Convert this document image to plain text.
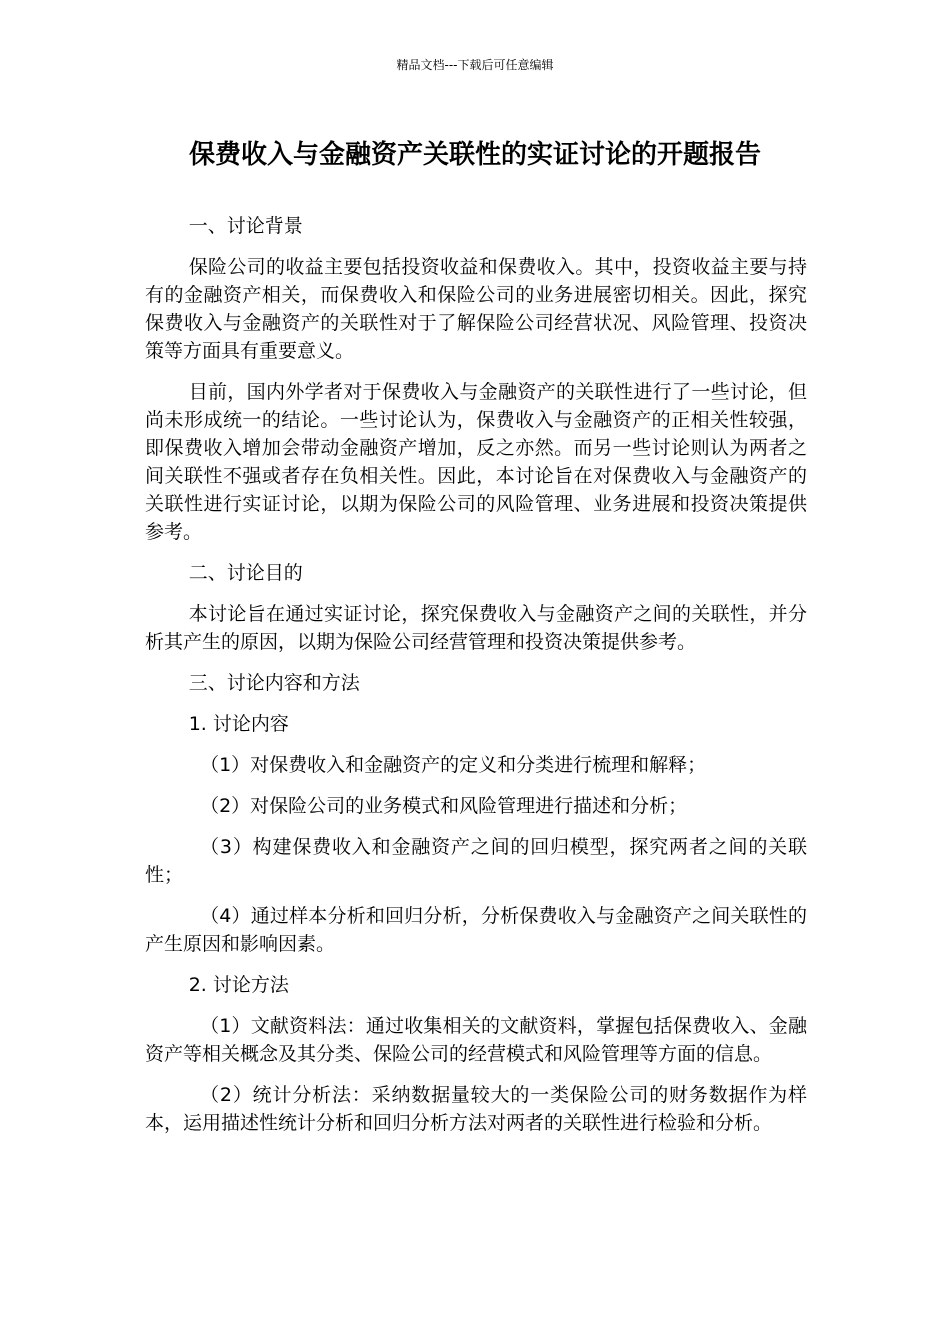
精品文档---下载后可任意编辑
保费收入与金融资产关联性的实证讨论的开题报告

一、讨论背景

保险公司的收益主要包括投资收益和保费收入。其中，投资收益主要与持有的金融资产相关，而保费收入和保险公司的业务进展密切相关。因此，探究保费收入与金融资产的关联性对于了解保险公司经营状况、风险管理、投资决策等方面具有重要意义。

目前，国内外学者对于保费收入与金融资产的关联性进行了一些讨论，但尚未形成统一的结论。一些讨论认为，保费收入与金融资产的正相关性较强，即保费收入增加会带动金融资产增加，反之亦然。而另一些讨论则认为两者之间关联性不强或者存在负相关性。因此，本讨论旨在对保费收入与金融资产的关联性进行实证讨论，以期为保险公司的风险管理、业务进展和投资决策提供参考。

二、讨论目的

本讨论旨在通过实证讨论，探究保费收入与金融资产之间的关联性，并分析其产生的原因，以期为保险公司经营管理和投资决策提供参考。

三、讨论内容和方法

1. 讨论内容

（1）对保费收入和金融资产的定义和分类进行梳理和解释；

（2）对保险公司的业务模式和风险管理进行描述和分析；

（3）构建保费收入和金融资产之间的回归模型，探究两者之间的关联性；

（4）通过样本分析和回归分析，分析保费收入与金融资产之间关联性的产生原因和影响因素。

2. 讨论方法

（1）文献资料法：通过收集相关的文献资料，掌握包括保费收入、金融资产等相关概念及其分类、保险公司的经营模式和风险管理等方面的信息。

（2）统计分析法：采纳数据量较大的一类保险公司的财务数据作为样本，运用描述性统计分析和回归分析方法对两者的关联性进行检验和分析。
